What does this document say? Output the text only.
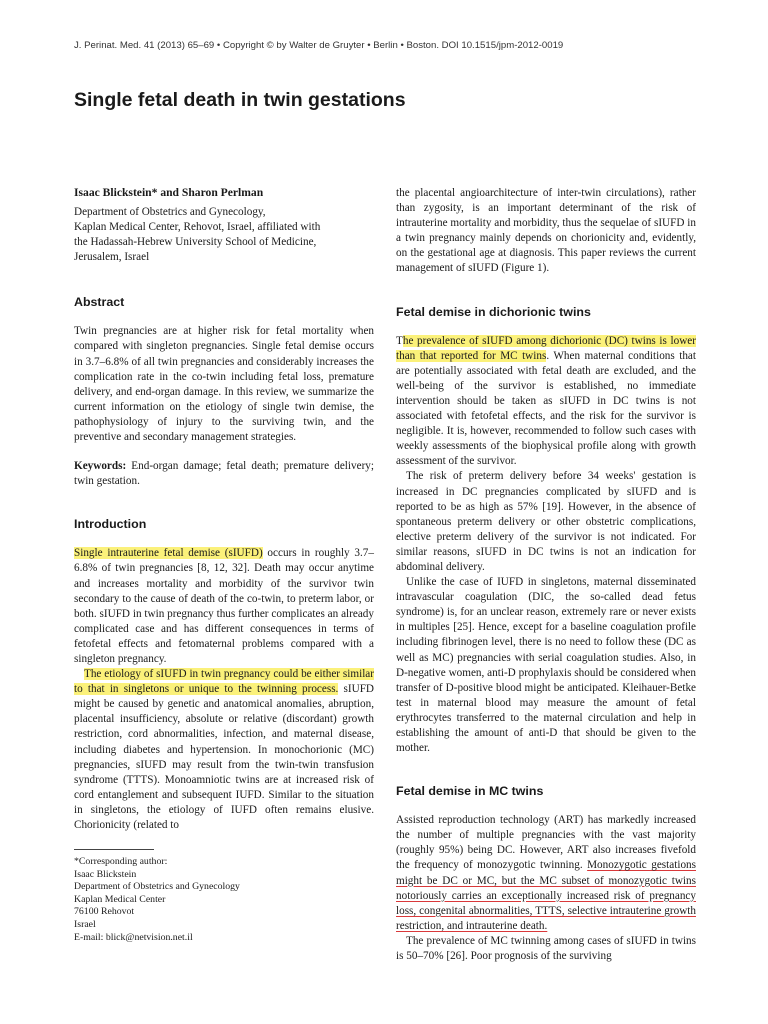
J. Perinat. Med. 41 (2013) 65–69 • Copyright © by Walter de Gruyter • Berlin • Boston. DOI 10.1515/jpm-2012-0019
Single fetal death in twin gestations
Isaac Blickstein* and Sharon Perlman

Department of Obstetrics and Gynecology,

Kaplan Medical Center, Rehovot, Israel, affiliated with

the Hadassah-Hebrew University School of Medicine,

Jerusalem, Israel

Abstract

Twin pregnancies are at higher risk for fetal mortality when compared with singleton pregnancies. Single fetal demise occurs in 3.7–6.8% of all twin pregnancies and considerably increases the complication rate in the co-twin including fetal loss, premature delivery, and end-organ damage. In this review, we summarize the current information on the etiology of single twin demise, the pathophysiology of injury to the surviving twin, and the preventive and secondary management strategies.

Keywords: End-organ damage; fetal death; premature delivery; twin gestation.

Introduction

Single intrauterine fetal demise (sIUFD) occurs in roughly 3.7–6.8% of twin pregnancies [8, 12, 32]. Death may occur anytime and increases mortality and morbidity of the survivor twin secondary to the cause of death of the co-twin, to preterm labor, or both. sIUFD in twin pregnancy thus further complicates an already complicated case and has different consequences in terms of fetofetal effects and fetomaternal problems compared with a singleton pregnancy.

The etiology of sIUFD in twin pregnancy could be either similar to that in singletons or unique to the twinning process. sIUFD might be caused by genetic and anatomical anomalies, abruption, placental insufficiency, absolute or relative (discordant) growth restriction, cord abnormalities, infection, and maternal disease, including diabetes and hypertension. In monochorionic (MC) pregnancies, sIUFD may result from the twin-twin transfusion syndrome (TTTS). Monoamniotic twins are at increased risk of cord entanglement and subsequent IUFD. Similar to the situation in singletons, the etiology of IUFD often remains elusive. Chorionicity (related to

*Corresponding author:

Isaac Blickstein

Department of Obstetrics and Gynecology

Kaplan Medical Center

76100 Rehovot

Israel

E-mail: blick@netvision.net.il

the placental angioarchitecture of inter-twin circulations), rather than zygosity, is an important determinant of the risk of intrauterine mortality and morbidity, thus the sequelae of sIUFD in a twin pregnancy mainly depends on chorionicity and, evidently, on the gestational age at diagnosis. This paper reviews the current management of sIUFD (Figure 1).

Fetal demise in dichorionic twins

The prevalence of sIUFD among dichorionic (DC) twins is lower than that reported for MC twins. When maternal conditions that are potentially associated with fetal death are excluded, and the well-being of the survivor is established, no immediate intervention should be taken as sIUFD in DC twins is not associated with fetofetal effects, and the risk for the survivor is negligible. It is, however, recommended to follow such cases with weekly assessments of the biophysical profile along with growth assessment of the survivor.

The risk of preterm delivery before 34 weeks' gestation is increased in DC pregnancies complicated by sIUFD and is reported to be as high as 57% [19]. However, in the absence of spontaneous preterm delivery or other obstetric complications, elective preterm delivery of the survivor is not indicated. For similar reasons, sIUFD in DC twins is not an indication for abdominal delivery.

Unlike the case of IUFD in singletons, maternal disseminated intravascular coagulation (DIC, the so-called dead fetus syndrome) is, for an unclear reason, extremely rare or never exists in multiples [25]. Hence, except for a baseline coagulation profile including fibrinogen level, there is no need to follow these (DC as well as MC) pregnancies with serial coagulation studies. Also, in D-negative women, anti-D prophylaxis should be considered when transfer of D-positive blood might be anticipated. Kleihauer-Betke test in maternal blood may measure the amount of fetal erythrocytes transferred to the maternal circulation and help in establishing the amount of anti-D that should be given to the mother.

Fetal demise in MC twins

Assisted reproduction technology (ART) has markedly increased the number of multiple pregnancies with the vast majority (roughly 95%) being DC. However, ART also increases fivefold the frequency of monozygotic twinning. Monozygotic gestations might be DC or MC, but the MC subset of monozygotic twins notoriously carries an exceptionally increased risk of pregnancy loss, congenital abnormalities, TTTS, selective intrauterine growth restriction, and intrauterine death.

The prevalence of MC twinning among cases of sIUFD in twins is 50–70% [26]. Poor prognosis of the surviving
